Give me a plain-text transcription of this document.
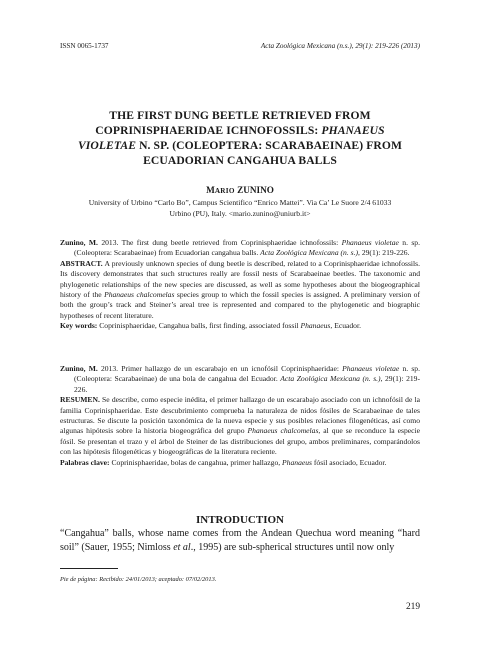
ISSN 0065-1737	Acta Zoológica Mexicana (n.s.), 29(1): 219-226 (2013)
THE FIRST DUNG BEETLE RETRIEVED FROM
COPRINISPHAERIDAE ICHNOFOSSILS: PHANAEUS
VIOLETAE N. SP. (COLEOPTERA: SCARABAEINAE) FROM
ECUADORIAN CANGAHUA BALLS
MARIO ZUNINO
University of Urbino “Carlo Bo”, Campus Scientifico “Enrico Mattei”. Via Ca’ Le Suore 2/4 61033
Urbino (PU), Italy. <mario.zunino@uniurb.it>

Zunino, M. 2013. The first dung beetle retrieved from Coprinisphaeridae ichnofossils: Phanaeus violetae n. sp. (Coleoptera: Scarabaeinae) from Ecuadorian cangahua balls. Acta Zoológica Mexicana (n. s.), 29(1): 219-226.

ABSTRACT. A previously unknown species of dung beetle is described, related to a Coprinisphaeridae ichnofossils. Its discovery demonstrates that such structures really are fossil nests of Scarabaeinae beetles. The taxonomic and phylogenetic relationships of the new species are discussed, as well as some hypotheses about the biogeographical history of the Phanaeus chalcomelas species group to which the fossil species is assigned. A preliminary version of both the group’s track and Steiner’s areal tree is represented and compared to the phylogenetic and biographic hypotheses of recent literature.

Key words: Coprinisphaeridae, Cangahua balls, first finding, associated fossil Phanaeus, Ecuador.

Zunino, M. 2013. Primer hallazgo de un escarabajo en un icnofósil Coprinisphaeridae: Phanaeus violetae n. sp. (Coleoptera: Scarabaeinae) de una bola de cangahua del Ecuador. Acta Zoológica Mexicana (n. s.), 29(1): 219-226.

RESUMEN. Se describe, como especie inédita, el primer hallazgo de un escarabajo asociado con un ichnofósil de la familia Coprinisphaeridae. Este descubrimiento comprueba la naturaleza de nidos fósiles de Scarabaeinae de tales estructuras. Se discute la posición taxonómica de la nueva especie y sus posibles relaciones filogenéticas, así como algunas hipótesis sobre la historia biogeográfica del grupo Phanaeus chalcomelas, al que se reconduce la especie fósil. Se presentan el trazo y el árbol de Steiner de las distribuciones del grupo, ambos preliminares, comparándolos con las hipótesis filogenéticas y biogeográficas de la literatura reciente.

Palabras clave: Coprinisphaeridae, bolas de cangahua, primer hallazgo, Phanaeus fósil asociado, Ecuador.

INTRODUCTION
“Cangahua” balls, whose name comes from the Andean Quechua word meaning “hard soil” (Sauer, 1955; Nimloss et al., 1995) are sub-spherical structures until now only
Pie de página: Recibido: 24/01/2013; aceptado: 07/02/2013.
219
